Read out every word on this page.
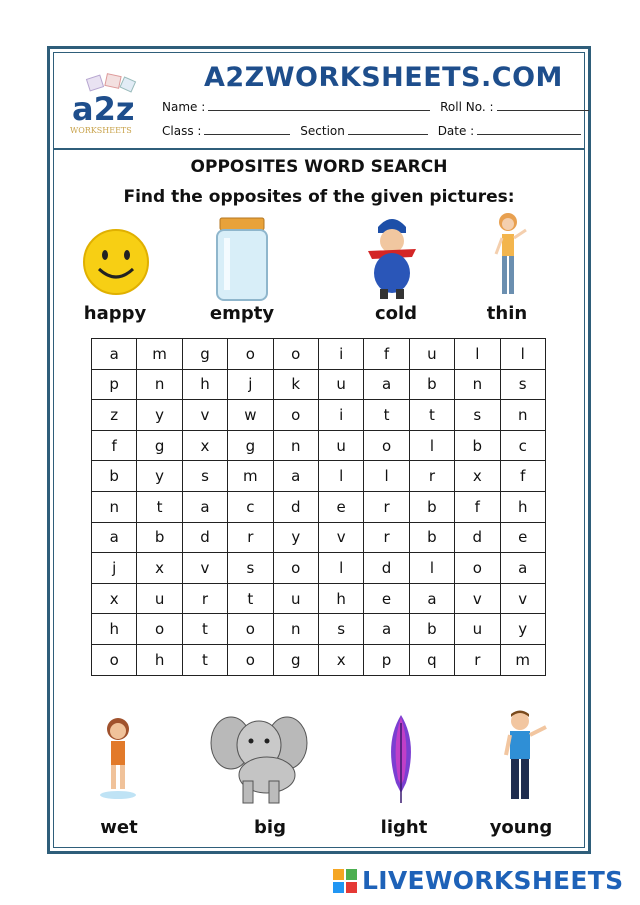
a2z
WORKSHEETS
A2ZWORKSHEETS.COM
Name :	Roll No. :
Class :	Section	Date :
OPPOSITES WORD SEARCH
Find the opposites of the given pictures:
happy	empty	cold	thin
a	m	g	o	o	i	f	u	l	l
p	n	h	j	k	u	a	b	n	s
z	y	v	w	o	i	t	t	s	n
f	g	x	g	n	u	o	l	b	c
b	y	s	m	a	l	l	r	x	f
n	t	a	c	d	e	r	b	f	h
a	b	d	r	y	v	r	b	d	e
j	x	v	s	o	l	d	l	o	a
x	u	r	t	u	h	e	a	v	v
h	o	t	o	n	s	a	b	u	y
o	h	t	o	g	x	p	q	r	m
wet	big	light	young
LIVEWORKSHEETS
